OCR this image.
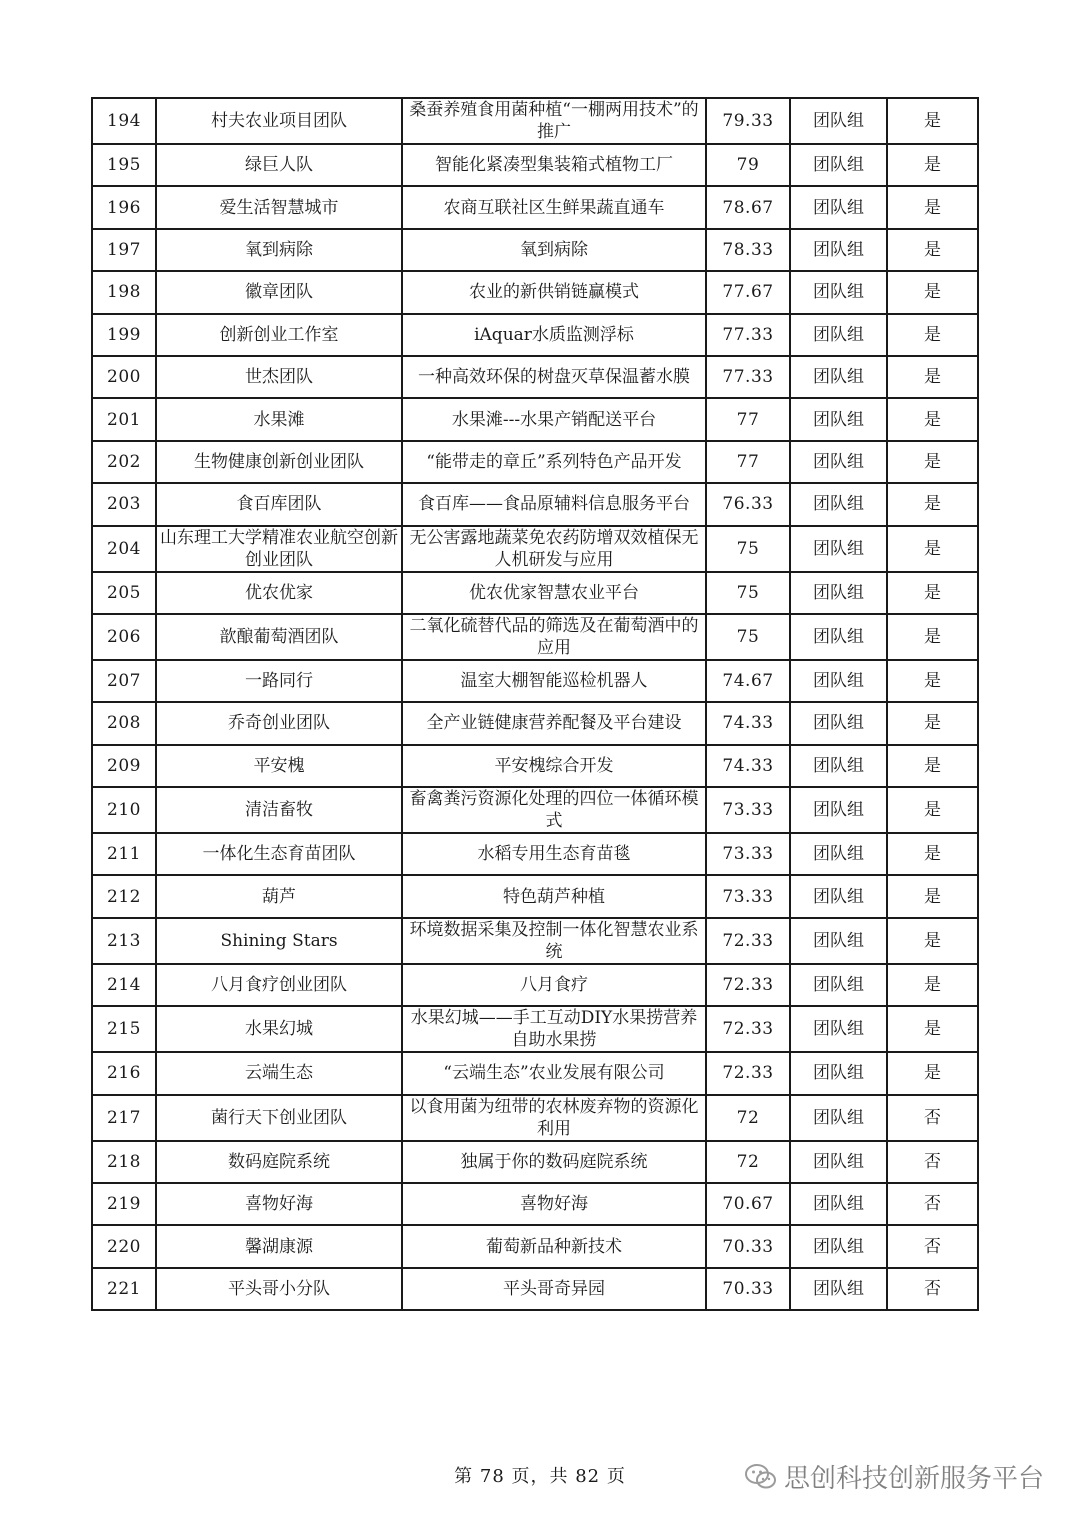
194	村夫农业项目团队	桑蚕养殖食用菌种植“一棚两用技术”的推广	79.33	团队组	是
195	绿巨人队	智能化紧凑型集装箱式植物工厂	79	团队组	是
196	爱生活智慧城市	农商互联社区生鲜果蔬直通车	78.67	团队组	是
197	氧到病除	氧到病除	78.33	团队组	是
198	徽章团队	农业的新供销链赢模式	77.67	团队组	是
199	创新创业工作室	iAquar水质监测浮标	77.33	团队组	是
200	世杰团队	一种高效环保的树盘灭草保温蓄水膜	77.33	团队组	是
201	水果滩	水果滩---水果产销配送平台	77	团队组	是
202	生物健康创新创业团队	“能带走的章丘”系列特色产品开发	77	团队组	是
203	食百库团队	食百库——食品原辅料信息服务平台	76.33	团队组	是
204	山东理工大学精准农业航空创新创业团队	无公害露地蔬菜免农药防增双效植保无人机研发与应用	75	团队组	是
205	优农优家	优农优家智慧农业平台	75	团队组	是
206	歆酿葡萄酒团队	二氧化硫替代品的筛选及在葡萄酒中的应用	75	团队组	是
207	一路同行	温室大棚智能巡检机器人	74.67	团队组	是
208	乔奇创业团队	全产业链健康营养配餐及平台建设	74.33	团队组	是
209	平安槐	平安槐综合开发	74.33	团队组	是
210	清洁畜牧	畜禽粪污资源化处理的四位一体循环模式	73.33	团队组	是
211	一体化生态育苗团队	水稻专用生态育苗毯	73.33	团队组	是
212	葫芦	特色葫芦种植	73.33	团队组	是
213	Shining Stars	环境数据采集及控制一体化智慧农业系统	72.33	团队组	是
214	八月食疗创业团队	八月食疗	72.33	团队组	是
215	水果幻城	水果幻城——手工互动DIY水果捞营养自助水果捞	72.33	团队组	是
216	云端生态	“云端生态”农业发展有限公司	72.33	团队组	是
217	菌行天下创业团队	以食用菌为纽带的农林废弃物的资源化利用	72	团队组	否
218	数码庭院系统	独属于你的数码庭院系统	72	团队组	否
219	喜物好海	喜物好海	70.67	团队组	否
220	馨湖康源	葡萄新品种新技术	70.33	团队组	否
221	平头哥小分队	平头哥奇异园	70.33	团队组	否
第 78 页，共 82 页	思创科技创新服务平台
